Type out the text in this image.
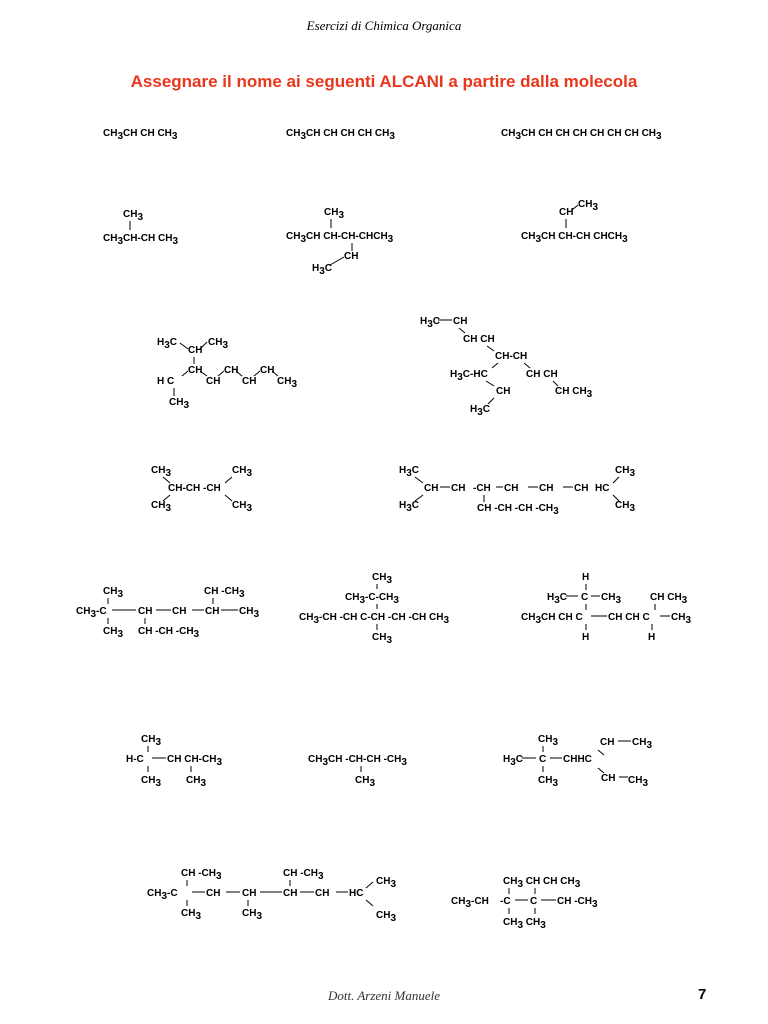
Esercizi di Chimica Organica
Assegnare il nome ai seguenti ALCANI a partire dalla molecola
CH3CH CH CH3	CH3CH CH CH CH CH3	CH3CH CH CH CH CH CH CH CH3
CH3
CH3CH-CH CH3
CH3
CH3CH CH-CH-CHCH3
CH
H3C
CH3
CH
CH3CH CH-CH CHCH3
H3C	CH3
CH
CH CH CH
H C	CH CH CH3
CH3
H3C CH
CH CH
CH-CH
H3C-HC	CH CH
CH	CH CH3
H3C
CH3	CH3
CH-CH -CH
CH3	CH3
H3C
CH CH -CH CH CH CH HC
CH3
CH3
H3C	CH -CH -CH -CH3
CH3	CH -CH3
CH3-C	CH CH CH CH3
CH3 CH -CH -CH3
CH3
CH3-C-CH3
CH3-CH -CH C-CH -CH -CH CH3
CH3
H
H3C C CH3	CH CH3
CH3CH CH C	CH CH C CH3
H	H
CH3
H-C CH CH-CH3
CH3 CH3
CH3CH -CH-CH -CH3
CH3
CH3	CH CH3
H3C C CHHC
CH3	CH CH3
CH -CH3	CH -CH3
CH3-C	CH CH	CH CH HC
CH3
CH3
CH3	CH3
CH3 CH CH CH3
CH3-CH -C C CH -CH3
CH3 CH3
Dott. Arzeni Manuele	7
